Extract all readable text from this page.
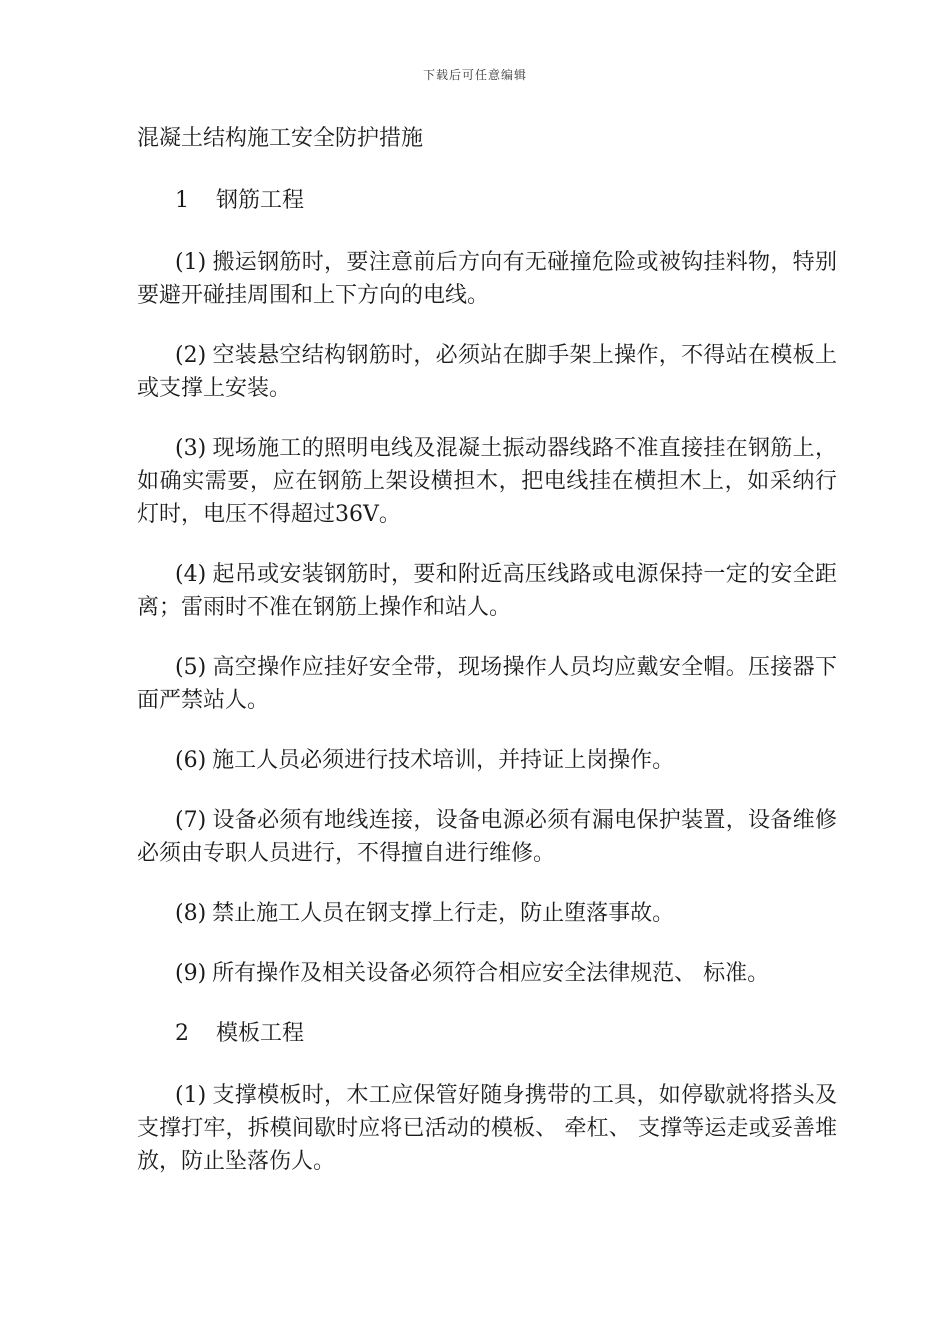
下载后可任意编辑
混凝土结构施工安全防护措施
1 钢筋工程

(1) 搬运钢筋时，要注意前后方向有无碰撞危险或被钩挂料物，特别要避开碰挂周围和上下方向的电线。

(2) 空装悬空结构钢筋时，必须站在脚手架上操作，不得站在模板上或支撑上安装。

(3) 现场施工的照明电线及混凝土振动器线路不准直接挂在钢筋上，如确实需要，应在钢筋上架设横担木，把电线挂在横担木上，如采纳行灯时，电压不得超过36V。

(4) 起吊或安装钢筋时，要和附近高压线路或电源保持一定的安全距离；雷雨时不准在钢筋上操作和站人。

(5) 高空操作应挂好安全带，现场操作人员均应戴安全帽。压接器下面严禁站人。

(6) 施工人员必须进行技术培训，并持证上岗操作。

(7) 设备必须有地线连接，设备电源必须有漏电保护装置，设备维修必须由专职人员进行，不得擅自进行维修。

(8) 禁止施工人员在钢支撑上行走，防止堕落事故。

(9) 所有操作及相关设备必须符合相应安全法律规范、 标准。

2 模板工程

(1) 支撑模板时，木工应保管好随身携带的工具，如停歇就将搭头及支撑打牢，拆模间歇时应将已活动的模板、 牵杠、 支撑等运走或妥善堆放，防止坠落伤人。
